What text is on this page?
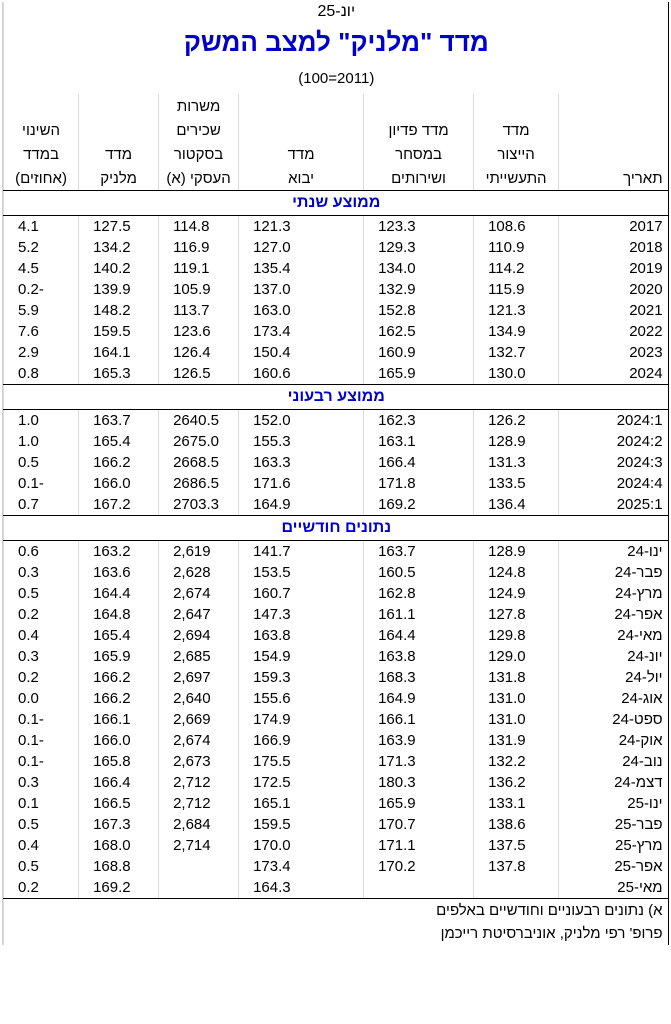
יונ-25						
מדד "מלניק" למצב המשק						
(2011=100)						
				משרות		
	מדד	מדד פדיון		שכירים		השינוי
	הייצור	במסחר	מדד	בסקטור	מדד	במדד
תאריך	התעשייתי	ושירותים	יבוא	העסקי (א)	מלניק	(אחוזים)
ממוצע שנתי						
2017	108.6	123.3	121.3	114.8	127.5	4.1
2018	110.9	129.3	127.0	116.9	134.2	5.2
2019	114.2	134.0	135.4	119.1	140.2	4.5
2020	115.9	132.9	137.0	105.9	139.9	-0.2
2021	121.3	152.8	163.0	113.7	148.2	5.9
2022	134.9	162.5	173.4	123.6	159.5	7.6
2023	132.7	160.9	150.4	126.4	164.1	2.9
2024	130.0	165.9	160.6	126.5	165.3	0.8
ממוצע רבעוני						
2024:1	126.2	162.3	152.0	2640.5	163.7	1.0
2024:2	128.9	163.1	155.3	2675.0	165.4	1.0
2024:3	131.3	166.4	163.3	2668.5	166.2	0.5
2024:4	133.5	171.8	171.6	2686.5	166.0	-0.1
2025:1	136.4	169.2	164.9	2703.3	167.2	0.7
נתונים חודשיים						
ינו-24	128.9	163.7	141.7	2,619	163.2	0.6
פבר-24	124.8	160.5	153.5	2,628	163.6	0.3
מרץ-24	124.9	162.8	160.7	2,674	164.4	0.5
אפר-24	127.8	161.1	147.3	2,647	164.8	0.2
מאי-24	129.8	164.4	163.8	2,694	165.4	0.4
יונ-24	129.0	163.8	154.9	2,685	165.9	0.3
יול-24	131.8	168.3	159.3	2,697	166.2	0.2
אוג-24	131.0	164.9	155.6	2,640	166.2	0.0
ספט-24	131.0	166.1	174.9	2,669	166.1	-0.1
אוק-24	131.9	163.9	166.9	2,674	166.0	-0.1
נוב-24	132.2	171.3	175.5	2,673	165.8	-0.1
דצמ-24	136.2	180.3	172.5	2,712	166.4	0.3
ינו-25	133.1	165.9	165.1	2,712	166.5	0.1
פבר-25	138.6	170.7	159.5	2,684	167.3	0.5
מרץ-25	137.5	171.1	170.0	2,714	168.0	0.4
אפר-25	137.8	170.2	173.4		168.8	0.5
מאי-25			164.3		169.2	0.2
א) נתונים רבעוניים וחודשיים באלפים						
פרופ' רפי מלניק, אוניברסיטת רייכמן						
